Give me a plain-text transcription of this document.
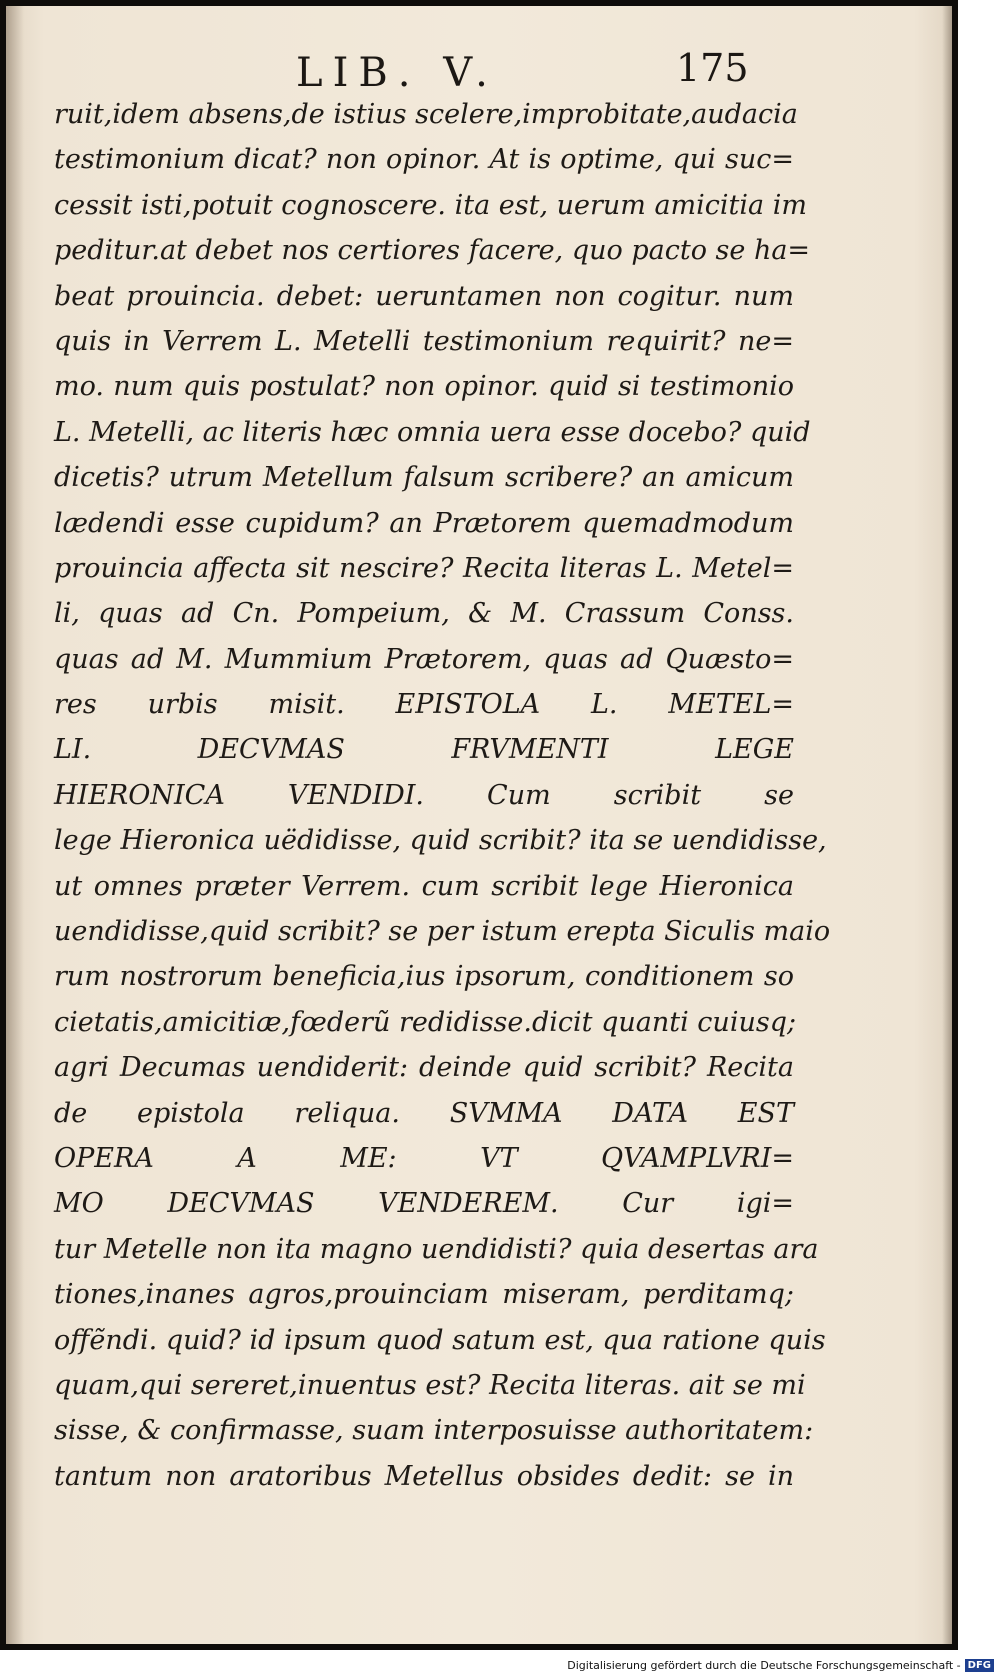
LIB. V.	175
ruit,idem absens,de istius scelere,improbitate,audacia
testimonium dicat? non opinor. At is optime, qui suc=
cessit isti,potuit cognoscere. ita est, uerum amicitia im
peditur.at debet nos certiores facere, quo pacto se ha=
beat prouincia. debet: ueruntamen non cogitur. num
quis in Verrem L. Metelli testimonium requirit? ne=
mo. num quis postulat? non opinor. quid si testimonio
L. Metelli, ac literis hæc omnia uera esse docebo? quid
dicetis? utrum Metellum falsum scribere? an amicum
lædendi esse cupidum? an Prætorem quemadmodum
prouincia affecta sit nescire? Recita literas L. Metel=
li, quas ad Cn. Pompeium, & M. Crassum Conss.
quas ad M. Mummium Prætorem, quas ad Quæsto=
res urbis misit. EPISTOLA L. METEL=
LI. DECVMAS FRVMENTI LEGE
HIERONICA VENDIDI. Cum scribit se
lege Hieronica uëdidisse, quid scribit? ita se uendidisse,
ut omnes præter Verrem. cum scribit lege Hieronica
uendidisse,quid scribit? se per istum erepta Siculis maio
rum nostrorum beneficia,ius ipsorum, conditionem so
cietatis,amicitiæ,fœderũ redidisse.dicit quanti cuiusq;
agri Decumas uendiderit: deinde quid scribit? Recita
de epistola reliqua. SVMMA DATA EST
OPERA A ME: VT QVAMPLVRI=
MO DECVMAS VENDEREM. Cur igi=
tur Metelle non ita magno uendidisti? quia desertas ara
tiones,inanes agros,prouinciam miseram, perditamq;
offẽndi. quid? id ipsum quod satum est, qua ratione quis
quam,qui sereret,inuentus est? Recita literas. ait se mi
sisse, & confirmasse, suam interposuisse authoritatem:
tantum non aratoribus Metellus obsides dedit: se in
Digitalisierung gefördert durch die Deutsche Forschungsgemeinschaft - DFG
